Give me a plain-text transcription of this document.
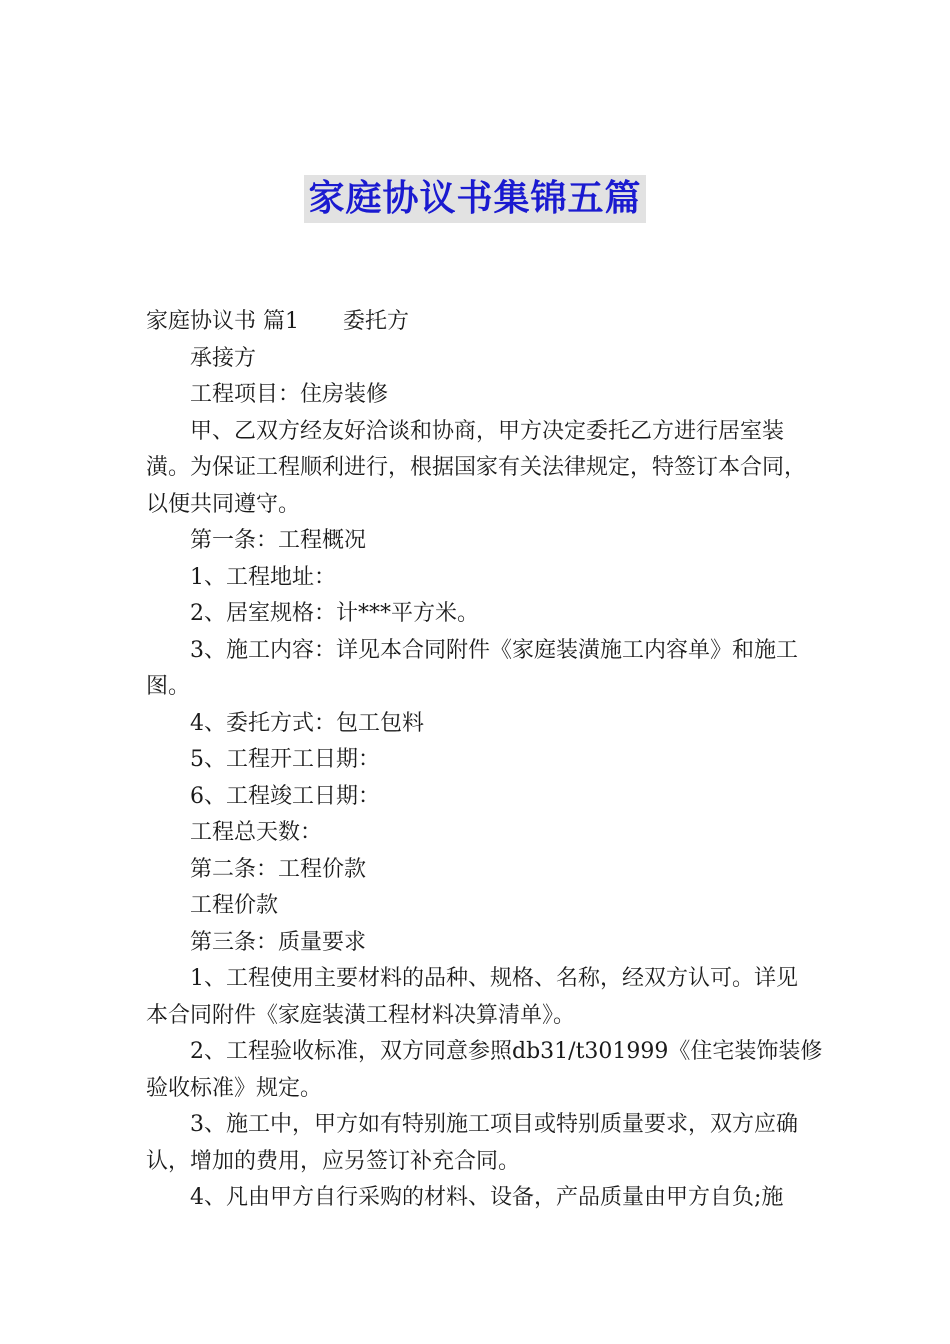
家庭协议书集锦五篇
家庭协议书 篇1 委托方
承接方
工程项目：住房装修
甲、乙双方经友好洽谈和协商，甲方决定委托乙方进行居室装
潢。为保证工程顺利进行，根据国家有关法律规定，特签订本合同，
以便共同遵守。
第一条：工程概况
1、工程地址：
2、居室规格：计***平方米。
3、施工内容：详见本合同附件《家庭装潢施工内容单》和施工
图。
4、委托方式：包工包料
5、工程开工日期：
6、工程竣工日期：
工程总天数：
第二条：工程价款
工程价款
第三条：质量要求
1、工程使用主要材料的品种、规格、名称，经双方认可。详见
本合同附件《家庭装潢工程材料决算清单》。
2、工程验收标准，双方同意参照db31/t301999《住宅装饰装修
验收标准》规定。
3、施工中，甲方如有特别施工项目或特别质量要求，双方应确
认，增加的费用，应另签订补充合同。
4、凡由甲方自行采购的材料、设备，产品质量由甲方自负;施
